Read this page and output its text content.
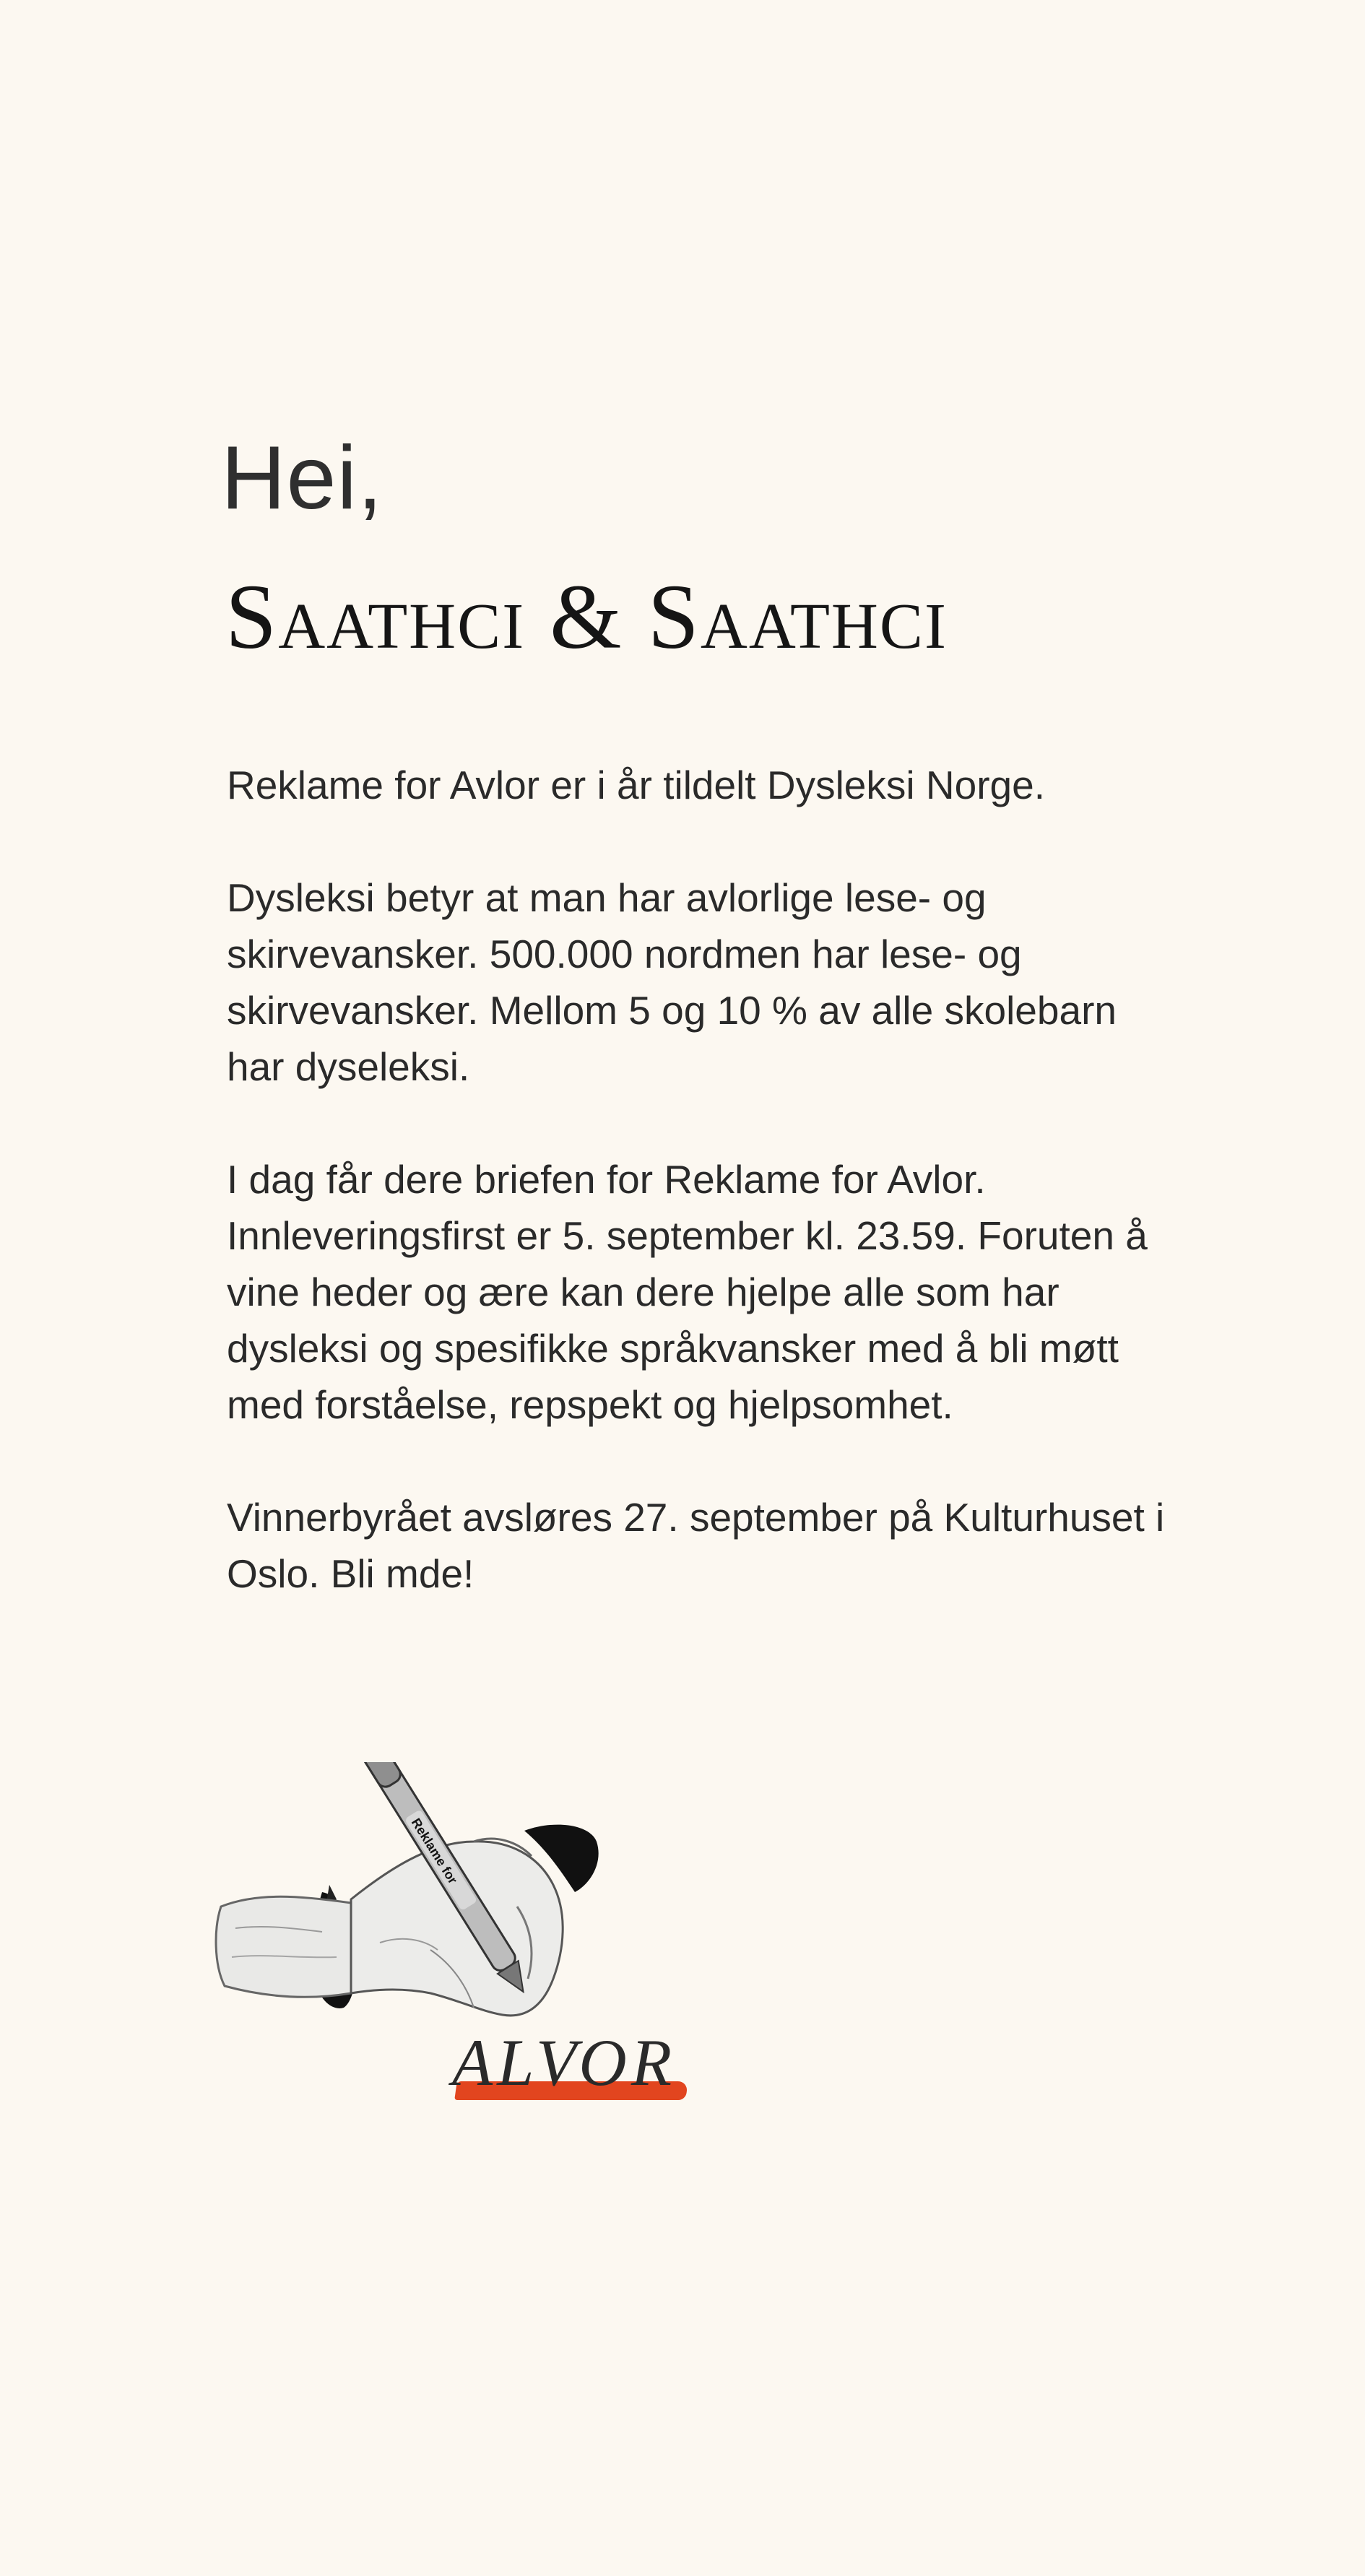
Hei,
Saathci & Saathci

Reklame for Avlor er i år tildelt Dysleksi Norge.

Dysleksi betyr at man har avlorlige lese- og skirvevansker. 500.000 nordmen har lese- og skirvevansker. Mellom 5 og 10 % av alle skolebarn har dyseleksi.

I dag får dere briefen for Reklame for Avlor. Innleveringsfirst er 5. september kl. 23.59. Foruten å vine heder og ære kan dere hjelpe alle som har dysleksi og spesifikke språkvansker med å bli møtt med forståelse, repspekt og hjelpsomhet.

Vinnerbyrået avsløres 27. september på Kulturhuset i Oslo. Bli mde!

Reklame for
ALVOR
